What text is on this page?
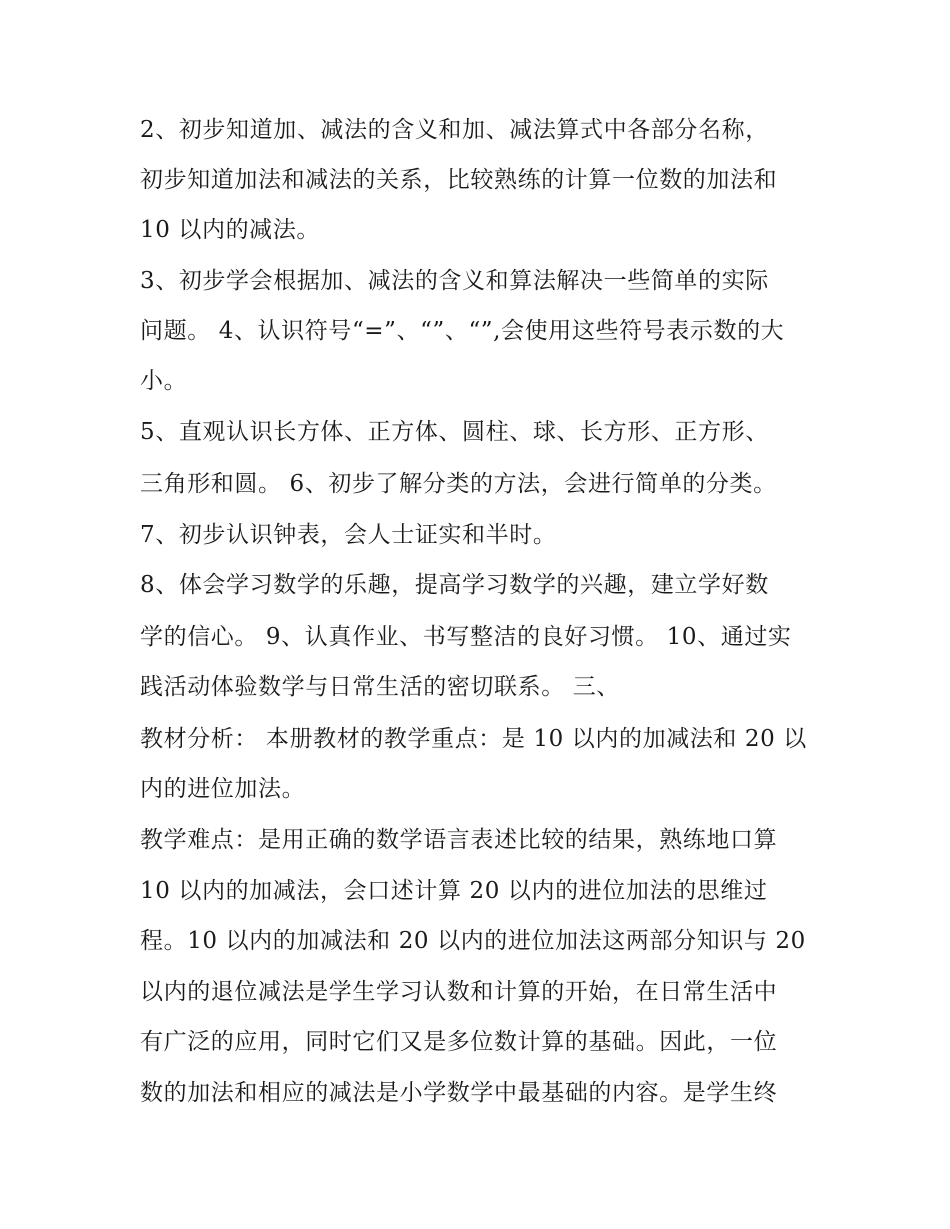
2、初步知道加、减法的含义和加、减法算式中各部分名称，
初步知道加法和减法的关系，比较熟练的计算一位数的加法和
10 以内的减法。
3、初步学会根据加、减法的含义和算法解决一些简单的实际
问题。 4、认识符号“=”、“”、“”,会使用这些符号表示数的大
小。
5、直观认识长方体、正方体、圆柱、球、长方形、正方形、
三角形和圆。 6、初步了解分类的方法，会进行简单的分类。
7、初步认识钟表，会人士证实和半时。
8、体会学习数学的乐趣，提高学习数学的兴趣，建立学好数
学的信心。 9、认真作业、书写整洁的良好习惯。 10、通过实
践活动体验数学与日常生活的密切联系。 三、
教材分析： 本册教材的教学重点：是 10 以内的加减法和 20 以
内的进位加法。
教学难点：是用正确的数学语言表述比较的结果，熟练地口算
10 以内的加减法，会口述计算 20 以内的进位加法的思维过
程。10 以内的加减法和 20 以内的进位加法这两部分知识与 20
以内的退位减法是学生学习认数和计算的开始，在日常生活中
有广泛的应用，同时它们又是多位数计算的基础。因此，一位
数的加法和相应的减法是小学数学中最基础的内容。是学生终
